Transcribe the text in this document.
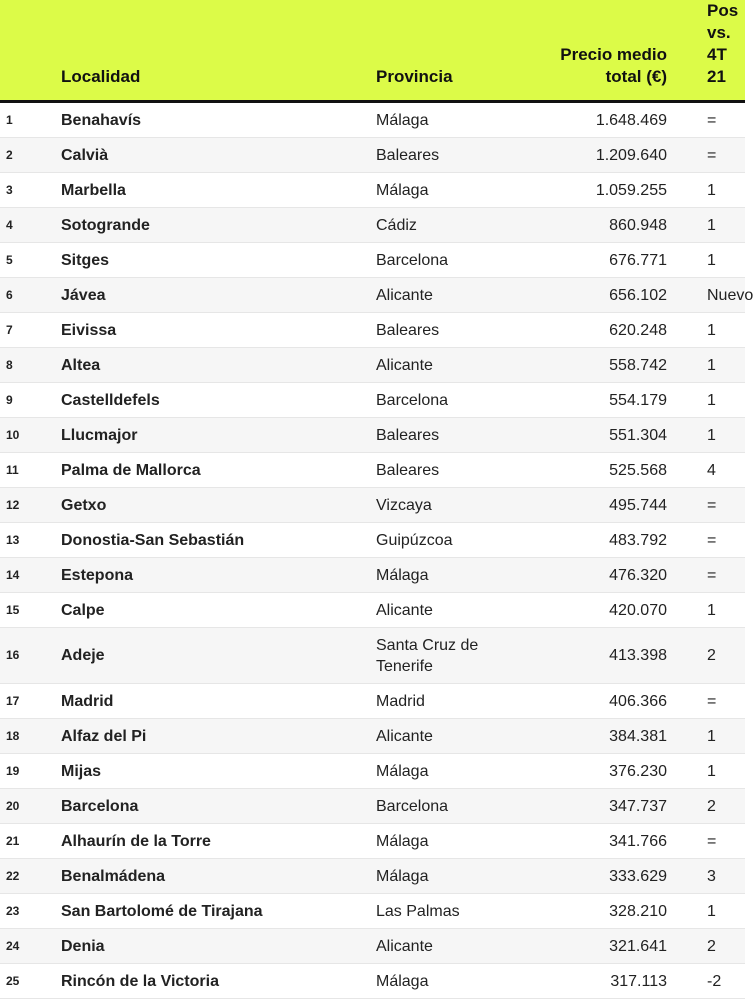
	Localidad	Provincia	Precio medio total (€)	Pos vs. 4T 21
1	Benahavís	Málaga	1.648.469	=
2	Calvià	Baleares	1.209.640	=
3	Marbella	Málaga	1.059.255	1
4	Sotogrande	Cádiz	860.948	1
5	Sitges	Barcelona	676.771	1
6	Jávea	Alicante	656.102	Nuevo
7	Eivissa	Baleares	620.248	1
8	Altea	Alicante	558.742	1
9	Castelldefels	Barcelona	554.179	1
10	Llucmajor	Baleares	551.304	1
11	Palma de Mallorca	Baleares	525.568	4
12	Getxo	Vizcaya	495.744	=
13	Donostia-San Sebastián	Guipúzcoa	483.792	=
14	Estepona	Málaga	476.320	=
15	Calpe	Alicante	420.070	1
16	Adeje	Santa Cruz de Tenerife	413.398	2
17	Madrid	Madrid	406.366	=
18	Alfaz del Pi	Alicante	384.381	1
19	Mijas	Málaga	376.230	1
20	Barcelona	Barcelona	347.737	2
21	Alhaurín de la Torre	Málaga	341.766	=
22	Benalmádena	Málaga	333.629	3
23	San Bartolomé de Tirajana	Las Palmas	328.210	1
24	Denia	Alicante	321.641	2
25	Rincón de la Victoria	Málaga	317.113	-2
